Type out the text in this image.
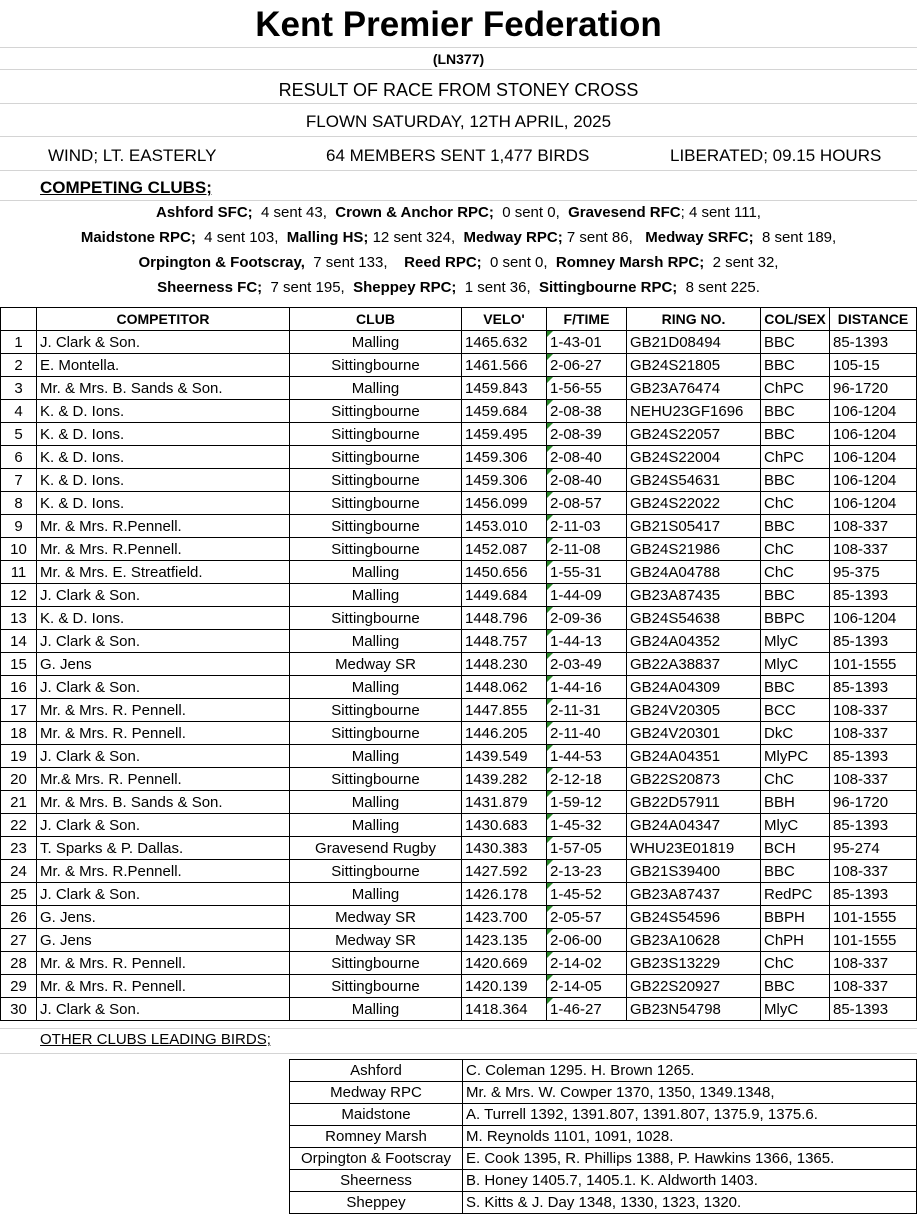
Kent Premier Federation
(LN377)
RESULT OF RACE FROM STONEY CROSS
FLOWN SATURDAY, 12TH APRIL, 2025
WIND; LT. EASTERLY	64 MEMBERS SENT 1,477 BIRDS	LIBERATED; 09.15 HOURS
COMPETING CLUBS;
Ashford SFC;  4 sent 43,  Crown & Anchor RPC;  0 sent 0,  Gravesend RFC; 4 sent 111,
Maidstone RPC;  4 sent 103,  Malling HS; 12 sent 324,  Medway RPC; 7 sent 86,   Medway SRFC;  8 sent 189,
Orpington & Footscray,  7 sent 133,    Reed RPC;  0 sent 0,  Romney Marsh RPC;  2 sent 32,
Sheerness FC;  7 sent 195,  Sheppey RPC;  1 sent 36,  Sittingbourne RPC;  8 sent 225.
	COMPETITOR	CLUB	VELO'	F/TIME	RING NO.	COL/SEX	DISTANCE
1	J. Clark & Son.	Malling	1465.632	1-43-01	GB21D08494	BBC	85-1393
2	E. Montella.	Sittingbourne	1461.566	2-06-27	GB24S21805	BBC	105-15
3	Mr. & Mrs. B. Sands & Son.	Malling	1459.843	1-56-55	GB23A76474	ChPC	96-1720
4	K. & D. Ions.	Sittingbourne	1459.684	2-08-38	NEHU23GF1696	BBC	106-1204
5	K. & D. Ions.	Sittingbourne	1459.495	2-08-39	GB24S22057	BBC	106-1204
6	K. & D. Ions.	Sittingbourne	1459.306	2-08-40	GB24S22004	ChPC	106-1204
7	K. & D. Ions.	Sittingbourne	1459.306	2-08-40	GB24S54631	BBC	106-1204
8	K. & D. Ions.	Sittingbourne	1456.099	2-08-57	GB24S22022	ChC	106-1204
9	Mr. & Mrs. R.Pennell.	Sittingbourne	1453.010	2-11-03	GB21S05417	BBC	108-337
10	Mr. & Mrs. R.Pennell.	Sittingbourne	1452.087	2-11-08	GB24S21986	ChC	108-337
11	Mr. & Mrs. E. Streatfield.	Malling	1450.656	1-55-31	GB24A04788	ChC	95-375
12	J. Clark & Son.	Malling	1449.684	1-44-09	GB23A87435	BBC	85-1393
13	K. & D. Ions.	Sittingbourne	1448.796	2-09-36	GB24S54638	BBPC	106-1204
14	J. Clark & Son.	Malling	1448.757	1-44-13	GB24A04352	MlyC	85-1393
15	G. Jens	Medway SR	1448.230	2-03-49	GB22A38837	MlyC	101-1555
16	J. Clark & Son.	Malling	1448.062	1-44-16	GB24A04309	BBC	85-1393
17	Mr. & Mrs. R. Pennell.	Sittingbourne	1447.855	2-11-31	GB24V20305	BCC	108-337
18	Mr. & Mrs. R. Pennell.	Sittingbourne	1446.205	2-11-40	GB24V20301	DkC	108-337
19	J. Clark & Son.	Malling	1439.549	1-44-53	GB24A04351	MlyPC	85-1393
20	Mr.& Mrs. R. Pennell.	Sittingbourne	1439.282	2-12-18	GB22S20873	ChC	108-337
21	Mr. & Mrs. B. Sands & Son.	Malling	1431.879	1-59-12	GB22D57911	BBH	96-1720
22	J. Clark & Son.	Malling	1430.683	1-45-32	GB24A04347	MlyC	85-1393
23	T. Sparks & P. Dallas.	Gravesend Rugby	1430.383	1-57-05	WHU23E01819	BCH	95-274
24	Mr. & Mrs. R.Pennell.	Sittingbourne	1427.592	2-13-23	GB21S39400	BBC	108-337
25	J. Clark & Son.	Malling	1426.178	1-45-52	GB23A87437	RedPC	85-1393
26	G. Jens.	Medway SR	1423.700	2-05-57	GB24S54596	BBPH	101-1555
27	G. Jens	Medway SR	1423.135	2-06-00	GB23A10628	ChPH	101-1555
28	Mr. & Mrs. R. Pennell.	Sittingbourne	1420.669	2-14-02	GB23S13229	ChC	108-337
29	Mr. & Mrs. R. Pennell.	Sittingbourne	1420.139	2-14-05	GB22S20927	BBC	108-337
30	J. Clark & Son.	Malling	1418.364	1-46-27	GB23N54798	MlyC	85-1393
OTHER CLUBS LEADING BIRDS;
Ashford	C. Coleman 1295. H. Brown 1265.
Medway RPC	Mr. & Mrs. W. Cowper 1370, 1350, 1349.1348,
Maidstone	A. Turrell 1392, 1391.807, 1391.807, 1375.9, 1375.6.
Romney Marsh	M. Reynolds 1101, 1091, 1028.
Orpington & Footscray	E. Cook 1395, R. Phillips 1388, P. Hawkins 1366, 1365.
Sheerness	B. Honey 1405.7, 1405.1. K. Aldworth 1403.
Sheppey	S. Kitts & J. Day 1348, 1330, 1323, 1320.
